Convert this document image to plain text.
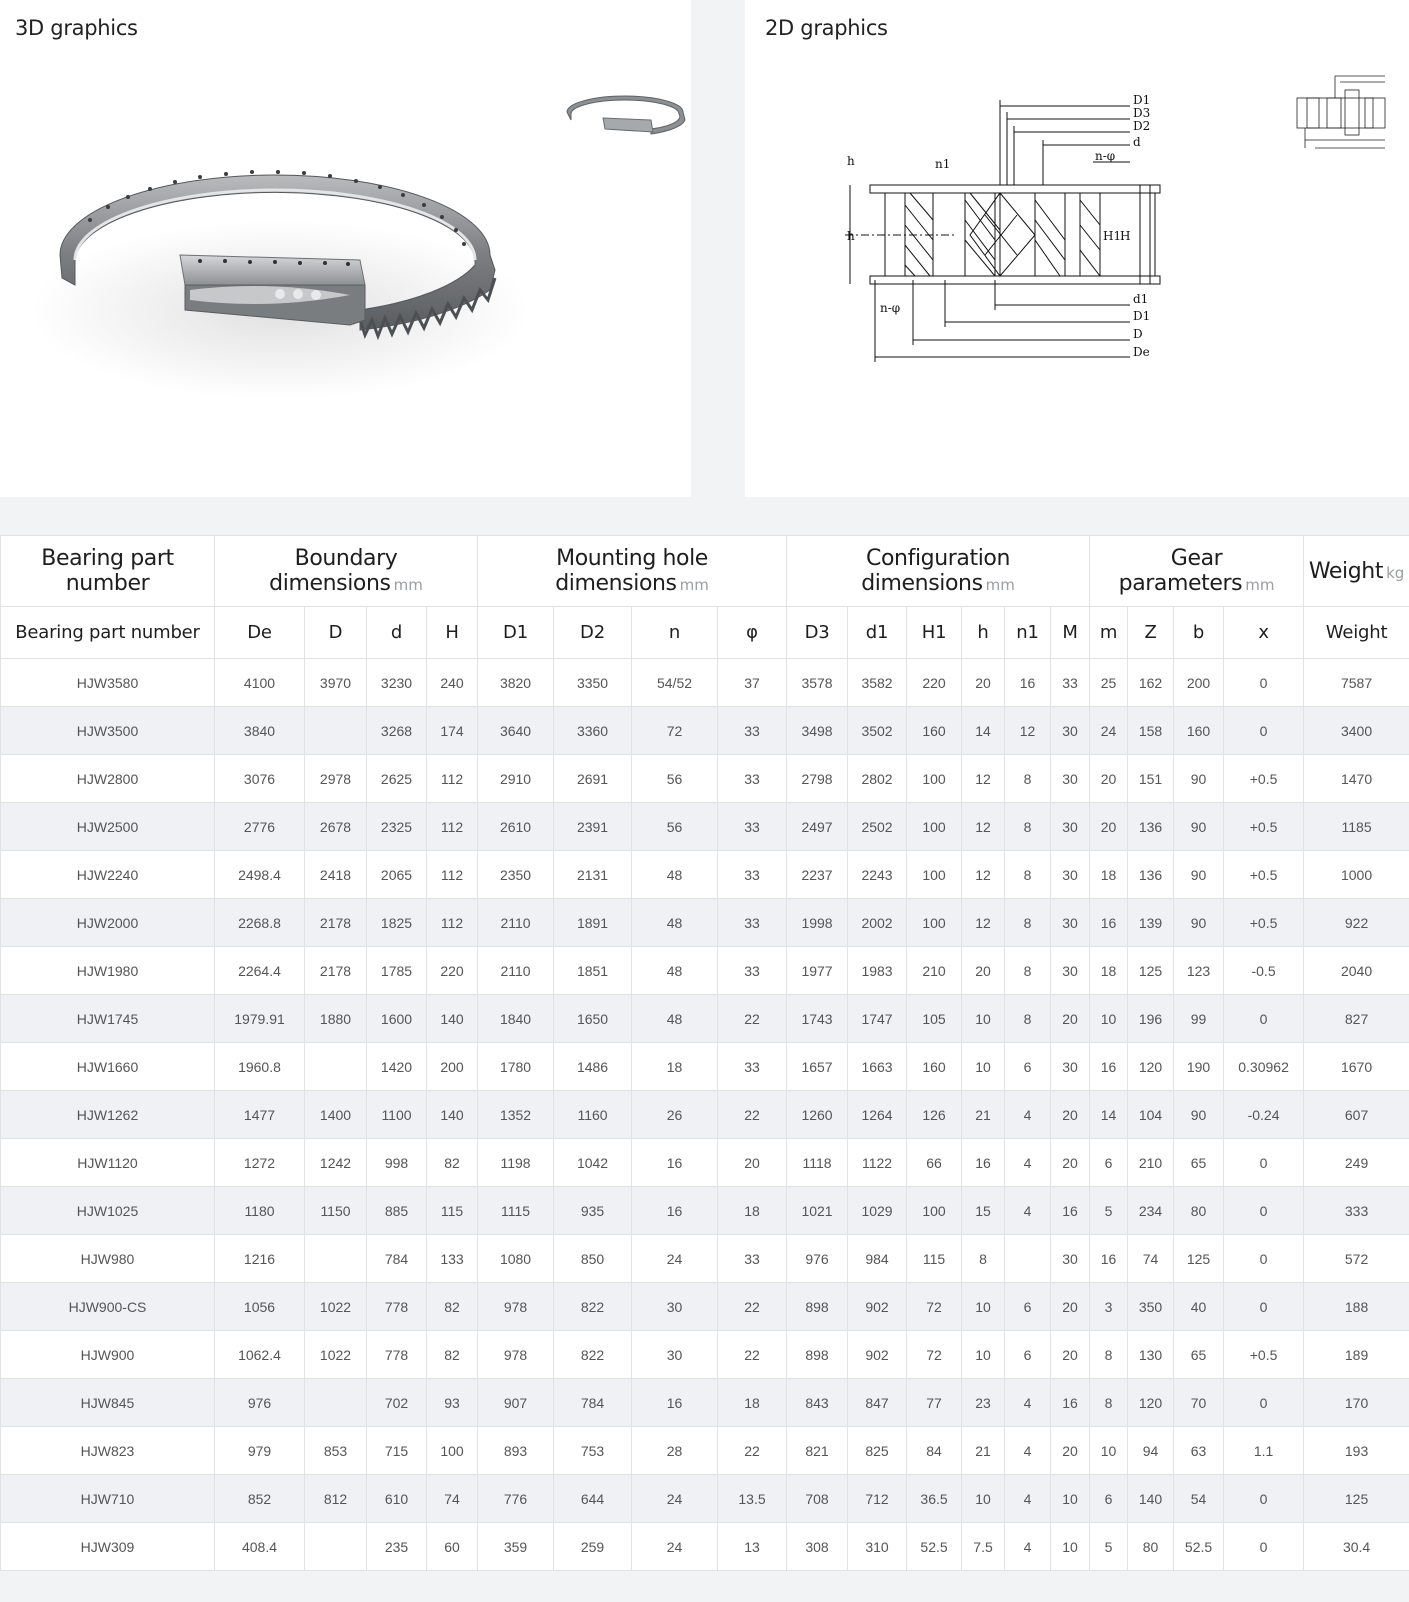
3D graphics	2D graphics
D1
D3
D2
d
n-φ
n1
h
h	H1
H
d1
D1
D
De
n-φ
Bearing part number	Boundary dimensions mm				Mounting hole dimensions mm				Configuration dimensions mm						Gear parameters mm				Weight kg
Bearing part number	De	D	d	H	D1	D2	n	φ	D3	d1	H1	h	n1	M	m	Z	b	x	Weight
HJW3580	4100	3970	3230	240	3820	3350	54/52	37	3578	3582	220	20	16	33	25	162	200	0	7587
HJW3500	3840		3268	174	3640	3360	72	33	3498	3502	160	14	12	30	24	158	160	0	3400
HJW2800	3076	2978	2625	112	2910	2691	56	33	2798	2802	100	12	8	30	20	151	90	+0.5	1470
HJW2500	2776	2678	2325	112	2610	2391	56	33	2497	2502	100	12	8	30	20	136	90	+0.5	1185
HJW2240	2498.4	2418	2065	112	2350	2131	48	33	2237	2243	100	12	8	30	18	136	90	+0.5	1000
HJW2000	2268.8	2178	1825	112	2110	1891	48	33	1998	2002	100	12	8	30	16	139	90	+0.5	922
HJW1980	2264.4	2178	1785	220	2110	1851	48	33	1977	1983	210	20	8	30	18	125	123	-0.5	2040
HJW1745	1979.91	1880	1600	140	1840	1650	48	22	1743	1747	105	10	8	20	10	196	99	0	827
HJW1660	1960.8		1420	200	1780	1486	18	33	1657	1663	160	10	6	30	16	120	190	0.30962	1670
HJW1262	1477	1400	1100	140	1352	1160	26	22	1260	1264	126	21	4	20	14	104	90	-0.24	607
HJW1120	1272	1242	998	82	1198	1042	16	20	1118	1122	66	16	4	20	6	210	65	0	249
HJW1025	1180	1150	885	115	1115	935	16	18	1021	1029	100	15	4	16	5	234	80	0	333
HJW980	1216		784	133	1080	850	24	33	976	984	115	8		30	16	74	125	0	572
HJW900-CS	1056	1022	778	82	978	822	30	22	898	902	72	10	6	20	3	350	40	0	188
HJW900	1062.4	1022	778	82	978	822	30	22	898	902	72	10	6	20	8	130	65	+0.5	189
HJW845	976		702	93	907	784	16	18	843	847	77	23	4	16	8	120	70	0	170
HJW823	979	853	715	100	893	753	28	22	821	825	84	21	4	20	10	94	63	1.1	193
HJW710	852	812	610	74	776	644	24	13.5	708	712	36.5	10	4	10	6	140	54	0	125
HJW309	408.4		235	60	359	259	24	13	308	310	52.5	7.5	4	10	5	80	52.5	0	30.4
